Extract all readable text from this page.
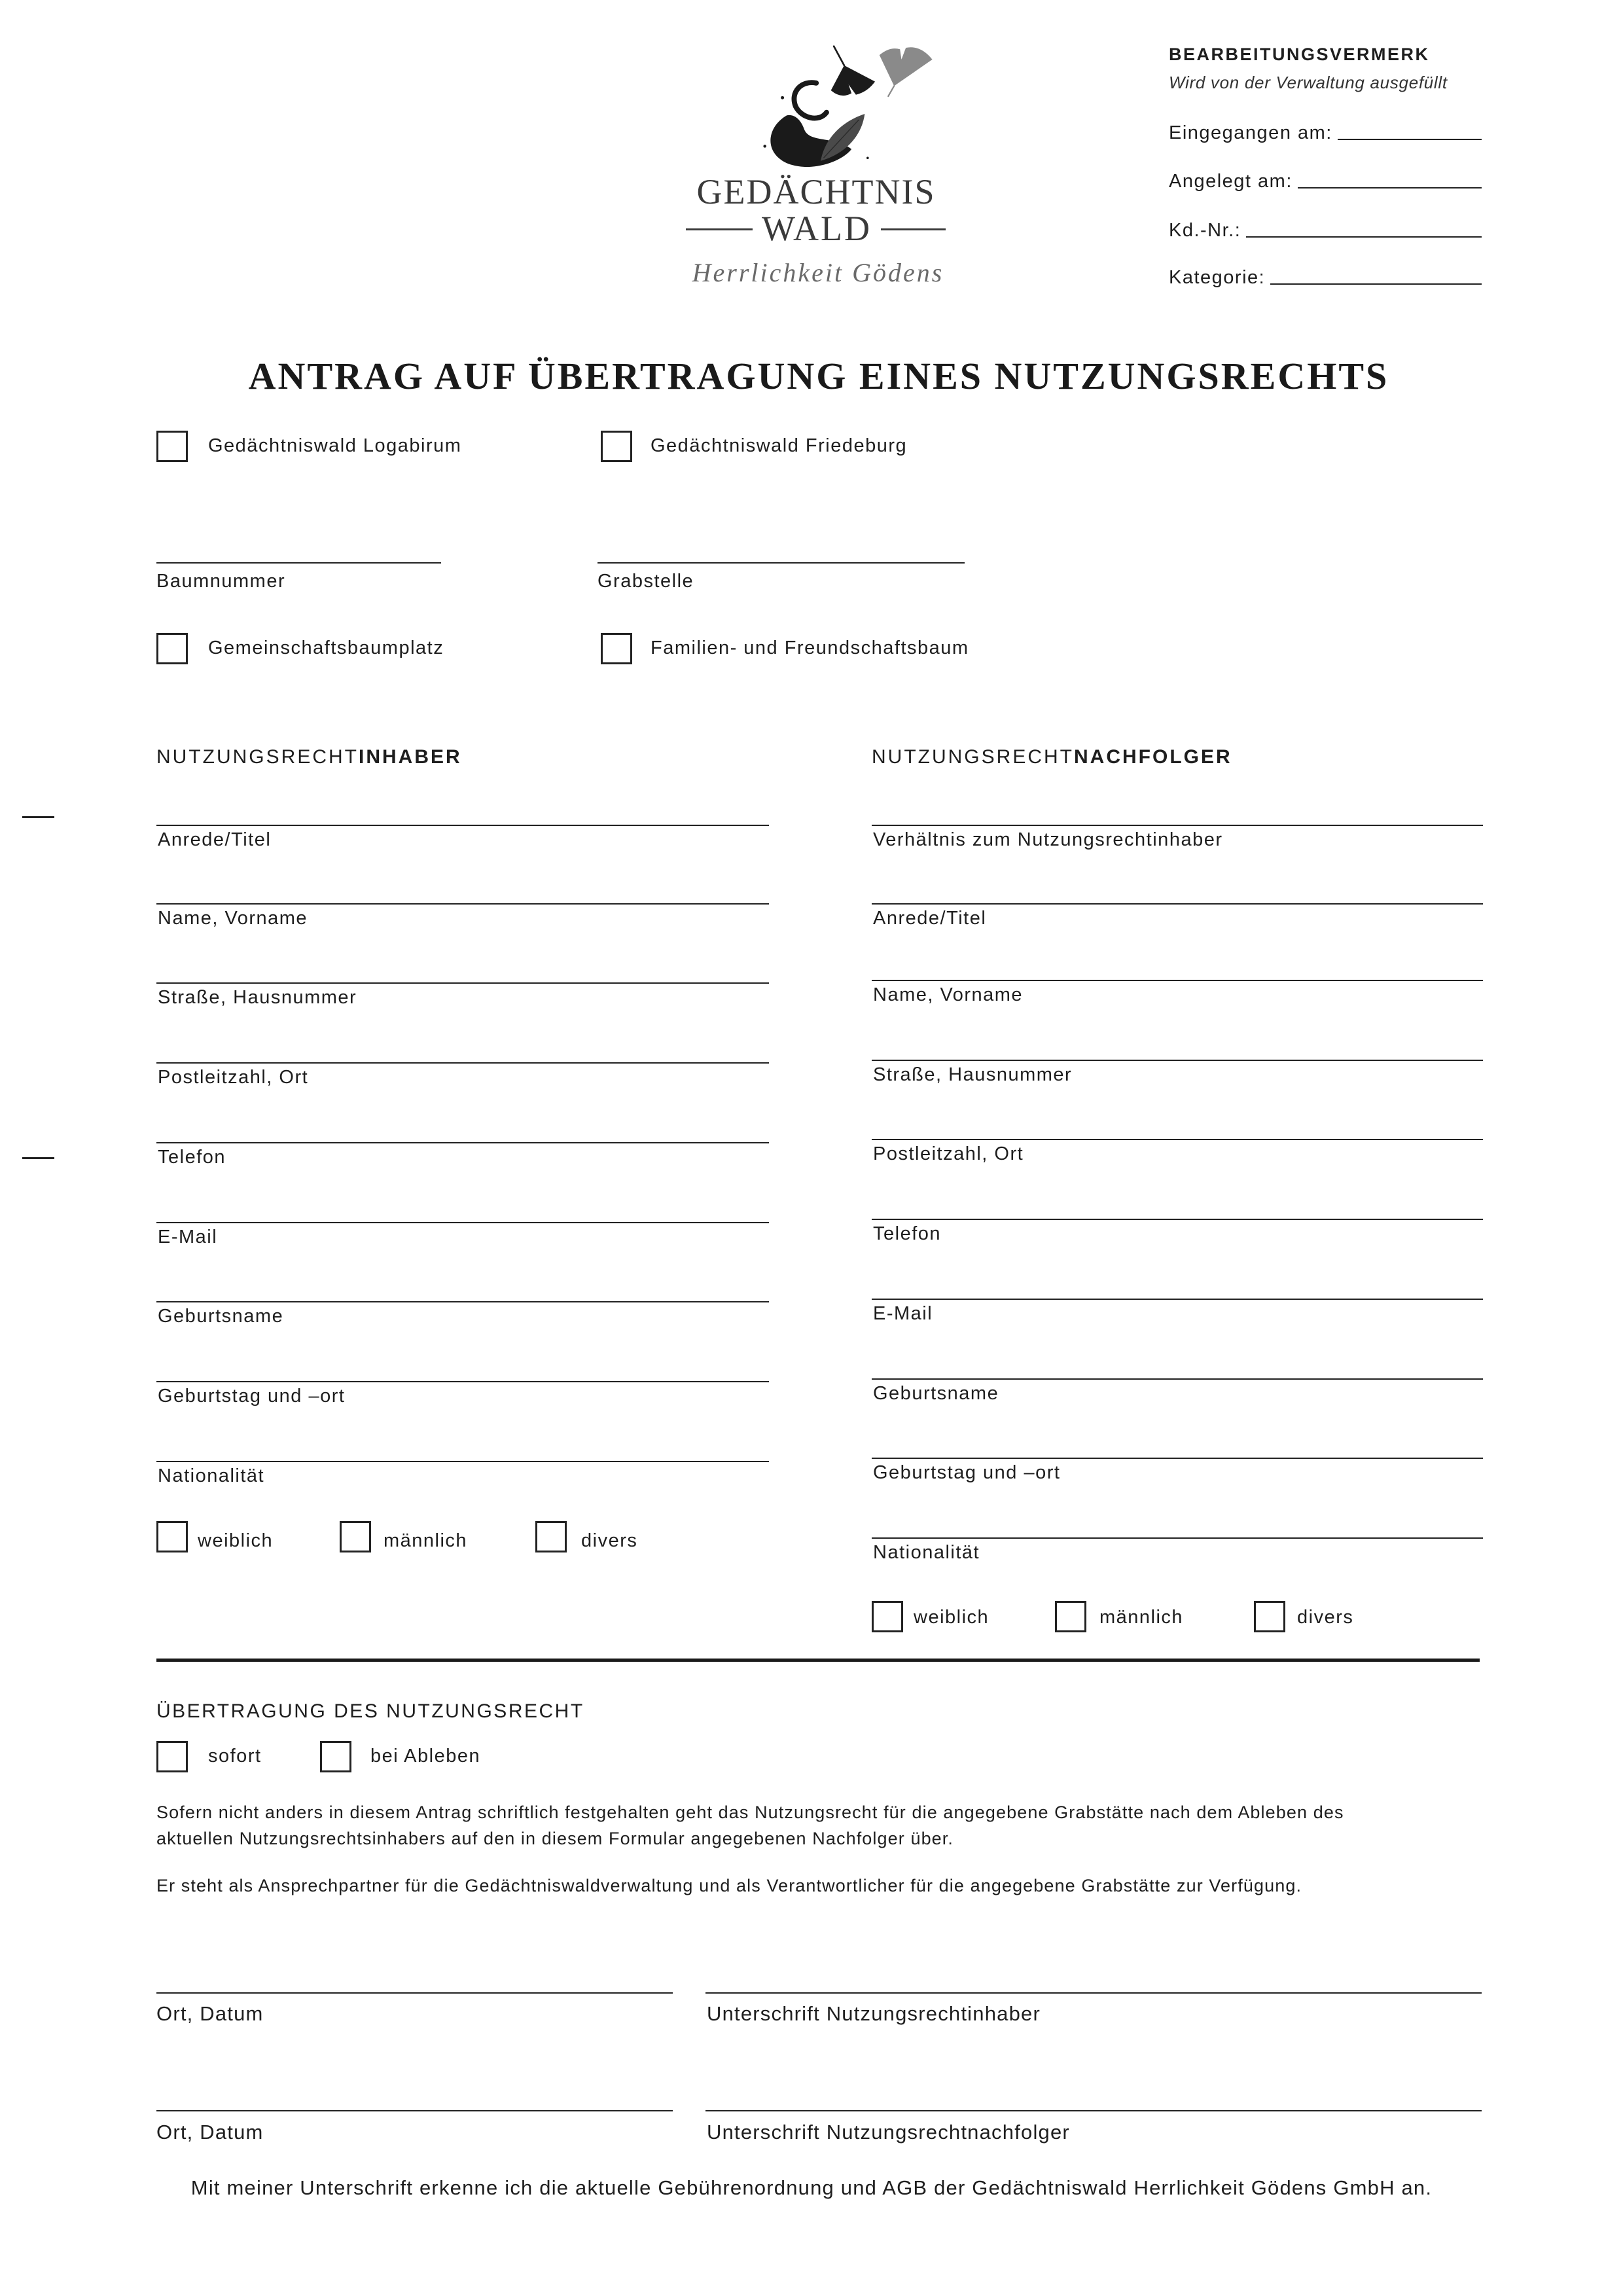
GEDÄCHTNIS
WALD
Herrlichkeit Gödens
BEARBEITUNGSVERMERK
Wird von der Verwaltung ausgefüllt
Eingegangen am:
Angelegt am:
Kd.-Nr.:
Kategorie:
ANTRAG AUF ÜBERTRAGUNG EINES NUTZUNGSRECHTS
Gedächtniswald Logabirum	Gedächtniswald Friedeburg
Baumnummer	Grabstelle
Gemeinschaftsbaumplatz	Familien- und Freundschaftsbaum
NUTZUNGSRECHTINHABER	NUTZUNGSRECHTNACHFOLGER
Anrede/Titel
Name, Vorname
Straße, Hausnummer
Postleitzahl, Ort
Telefon
E-Mail
Geburtsname
Geburtstag und –ort
Nationalität
weiblich	männlich	divers
Verhältnis zum Nutzungsrechtinhaber
Anrede/Titel
Name, Vorname
Straße, Hausnummer
Postleitzahl, Ort
Telefon
E-Mail
Geburtsname
Geburtstag und –ort
Nationalität
weiblich	männlich	divers
ÜBERTRAGUNG DES NUTZUNGSRECHT
sofort	bei Ableben
Sofern nicht anders in diesem Antrag schriftlich festgehalten geht das Nutzungsrecht für die angegebene Grabstätte nach dem Ableben des
aktuellen Nutzungsrechtsinhabers auf den in diesem Formular angegebenen Nachfolger über.
Er steht als Ansprechpartner für die Gedächtniswaldverwaltung und als Verantwortlicher für die angegebene Grabstätte zur Verfügung.
Ort, Datum	Unterschrift Nutzungsrechtinhaber
Ort, Datum	Unterschrift Nutzungsrechtnachfolger
Mit meiner Unterschrift erkenne ich die aktuelle Gebührenordnung und AGB der Gedächtniswald Herrlichkeit Gödens GmbH an.
